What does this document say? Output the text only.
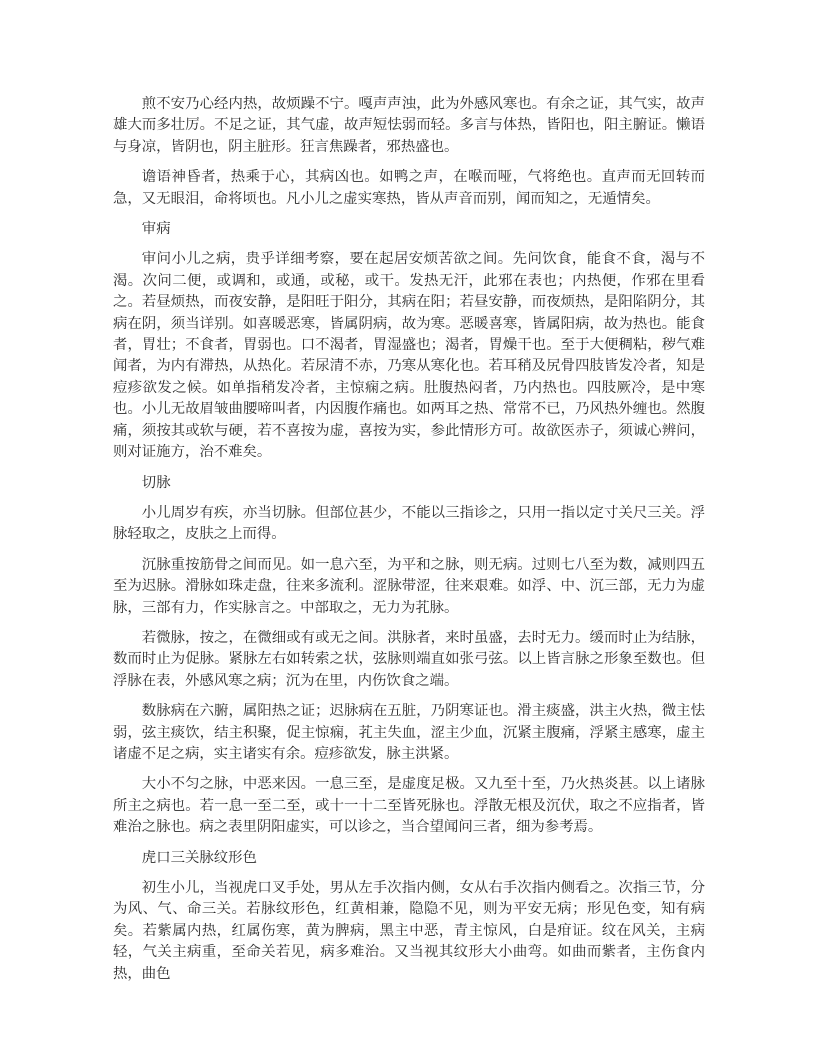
煎不安乃心经内热，故烦躁不宁。嘎声声浊，此为外感风寒也。有余之证，其气实，故声雄大而多壮厉。不足之证，其气虚，故声短怯弱而轻。多言与体热，皆阳也，阳主腑证。懒语与身凉，皆阴也，阴主脏形。狂言焦躁者，邪热盛也。

谵语神昏者，热乘于心，其病凶也。如鸭之声，在喉而哑，气将绝也。直声而无回转而急，又无眼泪，命将顷也。凡小儿之虚实寒热，皆从声音而别，闻而知之，无遁情矣。

审病

审问小儿之病，贵乎详细考察，要在起居安烦苦欲之间。先问饮食，能食不食，渴与不渴。次问二便，或调和，或通，或秘，或干。发热无汗，此邪在表也；内热便，作邪在里看之。若昼烦热，而夜安静，是阳旺于阳分，其病在阳；若昼安静，而夜烦热，是阳陷阴分，其病在阴，须当详别。如喜暖恶寒，皆属阴病，故为寒。恶暖喜寒，皆属阳病，故为热也。能食者，胃壮；不食者，胃弱也。口不渴者，胃湿盛也；渴者，胃燥干也。至于大便稠粘，秽气难闻者，为内有滞热，从热化。若尿清不赤，乃寒从寒化也。若耳稍及尻骨四肢皆发冷者，知是痘疹欲发之候。如单指稍发冷者，主惊痫之病。肚腹热闷者，乃内热也。四肢厥冷，是中寒也。小儿无故眉皱曲腰啼叫者，内因腹作痛也。如两耳之热、常常不已，乃风热外缠也。然腹痛，须按其或软与硬，若不喜按为虚，喜按为实，参此情形方可。故欲医赤子，须诚心辨问，则对证施方，治不难矣。

切脉

小儿周岁有疾，亦当切脉。但部位甚少，不能以三指诊之，只用一指以定寸关尺三关。浮脉轻取之，皮肤之上而得。

沉脉重按筋骨之间而见。如一息六至，为平和之脉，则无病。过则七八至为数，减则四五至为迟脉。滑脉如珠走盘，往来多流利。涩脉带涩，往来艰难。如浮、中、沉三部，无力为虚脉，三部有力，作实脉言之。中部取之，无力为芤脉。

若微脉，按之，在微细或有或无之间。洪脉者，来时虽盛，去时无力。缓而时止为结脉，数而时止为促脉。紧脉左右如转索之状，弦脉则端直如张弓弦。以上皆言脉之形象至数也。但浮脉在表，外感风寒之病；沉为在里，内伤饮食之端。

数脉病在六腑，属阳热之证；迟脉病在五脏，乃阴寒证也。滑主痰盛，洪主火热，微主怯弱，弦主痰饮，结主积聚，促主惊痫，芤主失血，涩主少血，沉紧主腹痛，浮紧主感寒，虚主诸虚不足之病，实主诸实有余。痘疹欲发，脉主洪紧。

大小不匀之脉，中恶来因。一息三至，是虚度足极。又九至十至，乃火热炎甚。以上诸脉所主之病也。若一息一至二至，或十一十二至皆死脉也。浮散无根及沉伏，取之不应指者，皆难治之脉也。病之表里阴阳虚实，可以诊之，当合望闻问三者，细为参考焉。

虎口三关脉纹形色

初生小儿，当视虎口叉手处，男从左手次指内侧，女从右手次指内侧看之。次指三节，分为风、气、命三关。若脉纹形色，红黄相兼，隐隐不见，则为平安无病；形见色变，知有病矣。若紫属内热，红属伤寒，黄为脾病，黑主中恶，青主惊风，白是疳证。纹在风关，主病轻，气关主病重，至命关若见，病多难治。又当视其纹形大小曲弯。如曲而紫者，主伤食内热，曲色
